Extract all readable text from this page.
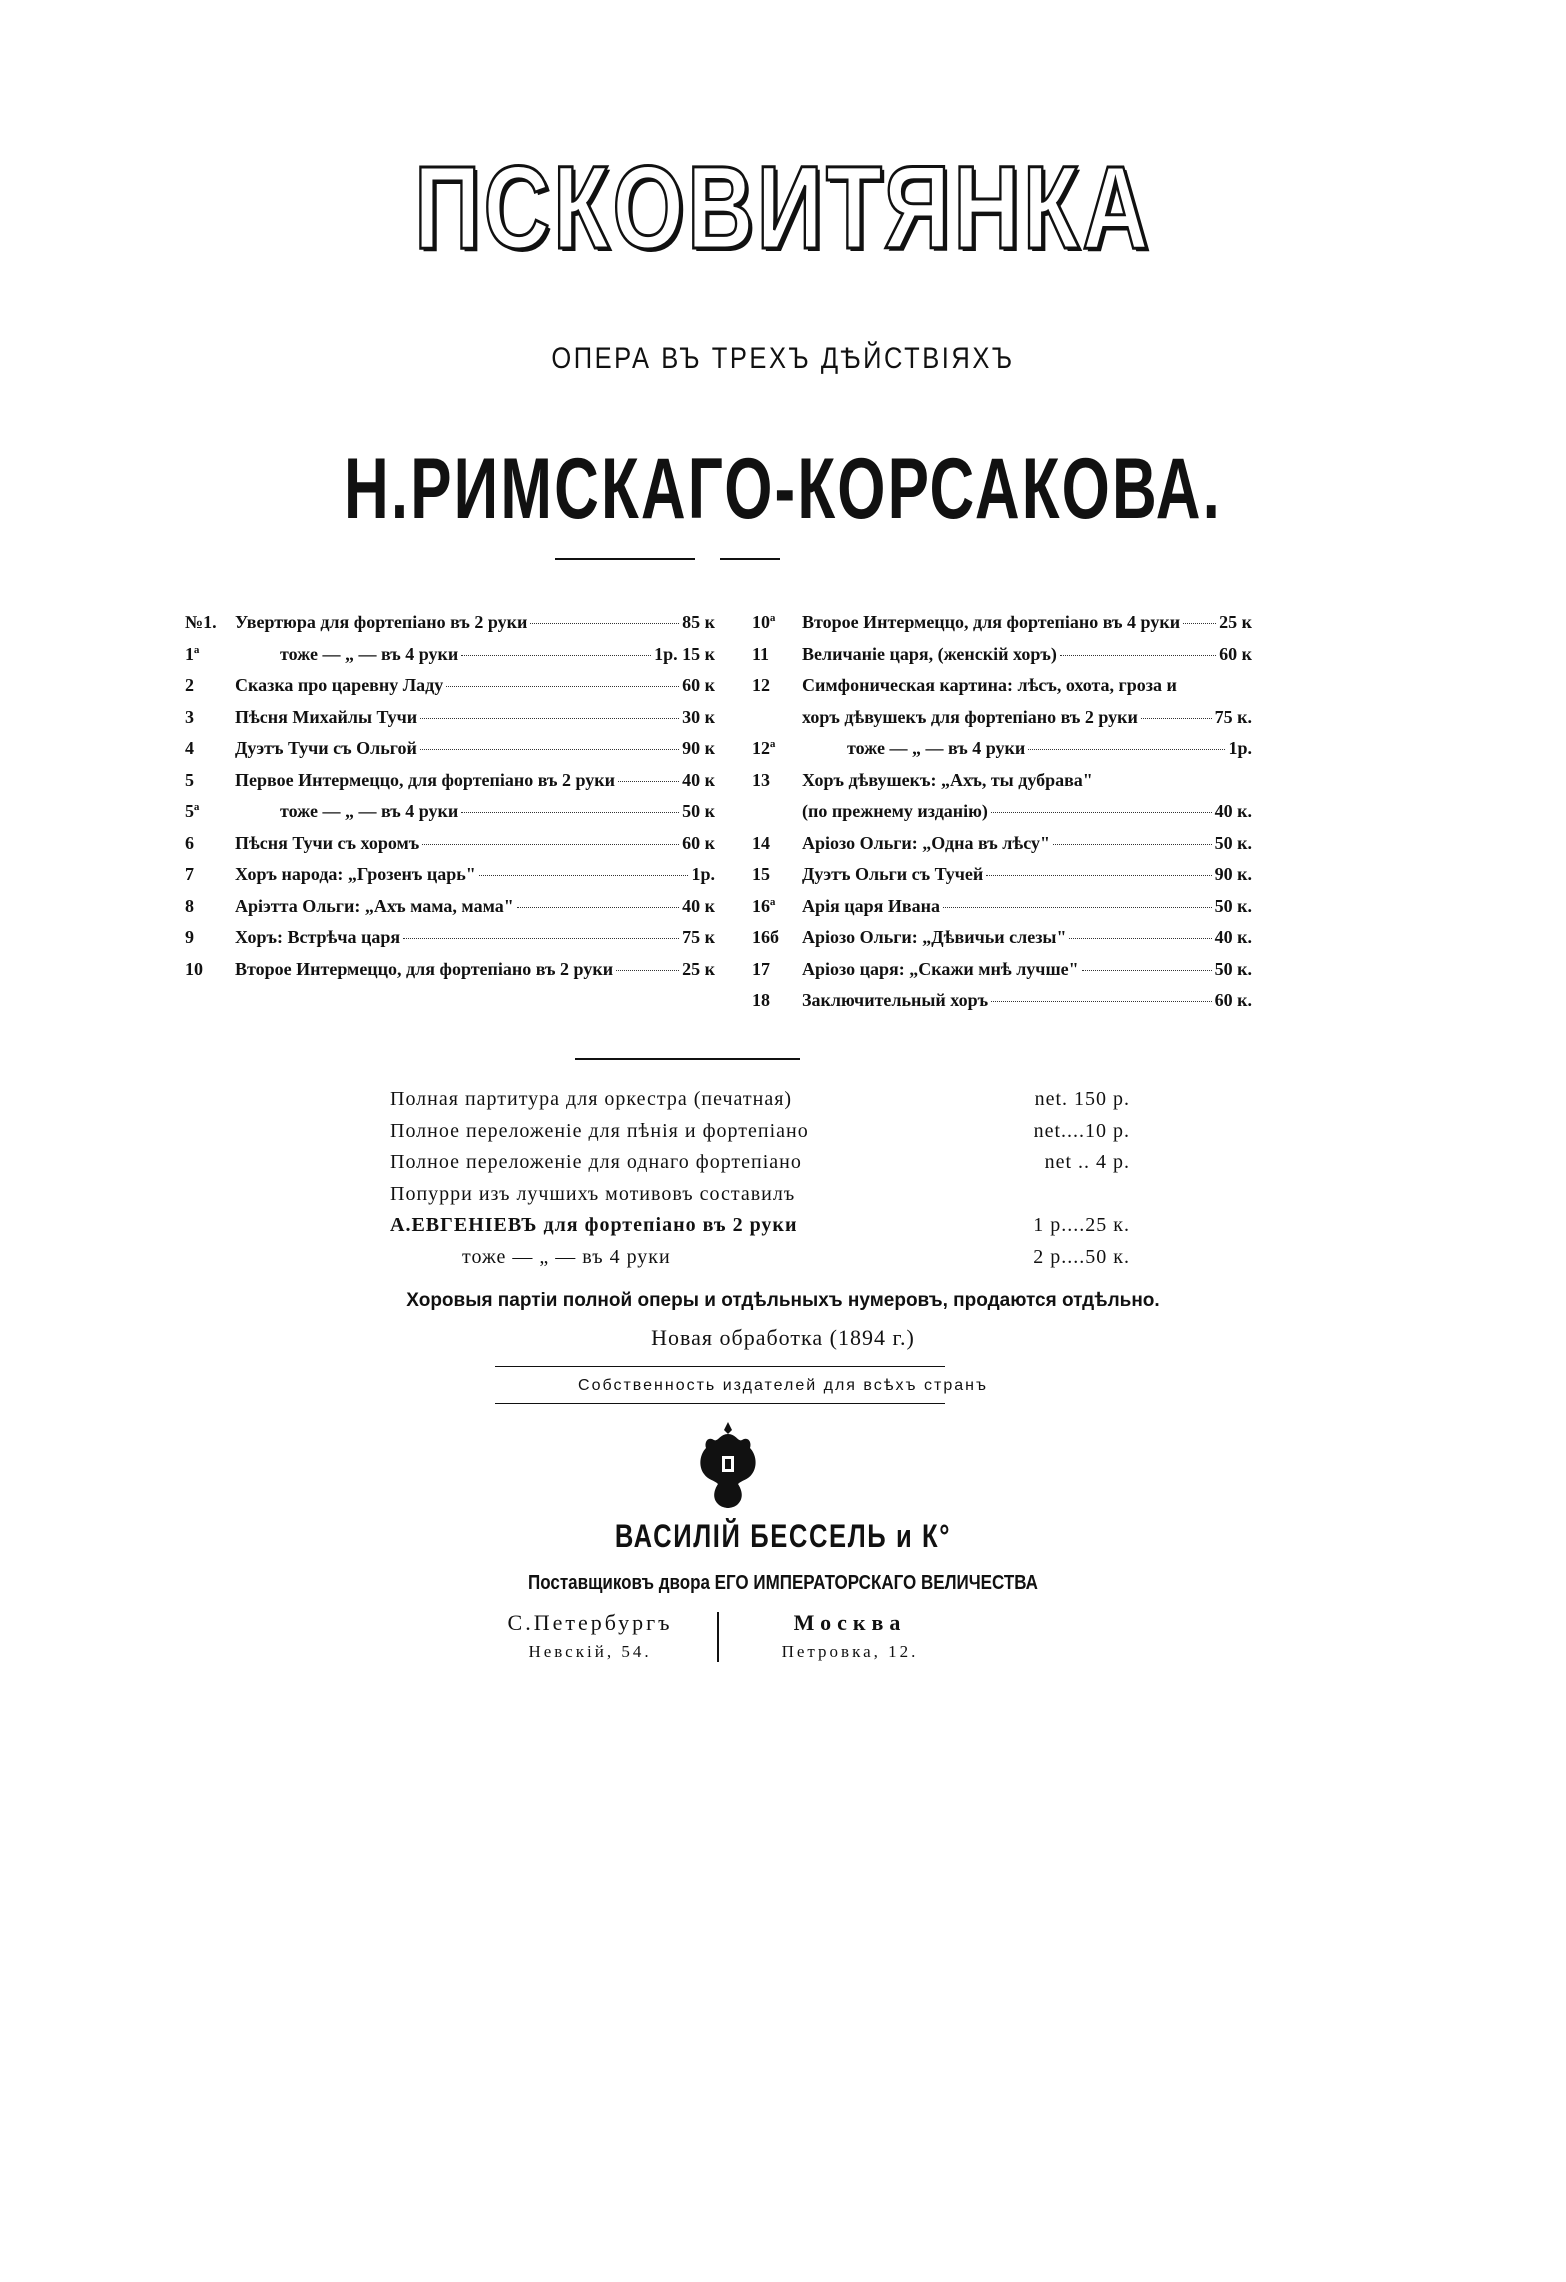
ПСКОВИТЯНКА
ОПЕРА ВЪ ТРЕХЪ ДѢЙСТВІЯХЪ
Н.РИМСКАГО-КОРСАКОВА.
№1.	Увертюра для фортепіано въ 2 руки	85 к
1ª	тоже — „ — въ 4 руки	1р. 15 к
2	Сказка про царевну Ладу	60 к
3	Пѣсня Михайлы Тучи	30 к
4	Дуэтъ Тучи съ Ольгой	90 к
5	Первое Интермеццо, для фортепіано въ 2 руки	40 к
5ª	тоже — „ — въ 4 руки	50 к
6	Пѣсня Тучи съ хоромъ	60 к
7	Хоръ народа: „Грозенъ царь"	1р.
8	Аріэтта Ольги: „Ахъ мама, мама"	40 к
9	Хоръ: Встрѣча царя	75 к
10	Второе Интермеццо, для фортепіано въ 2 руки	25 к
10ª	Второе Интермеццо, для фортепіано въ 4 руки 25 к
11	Величаніе царя, (женскій хоръ)	60 к
12	Симфоническая картина: лѣсъ, охота, гроза и
хоръ дѣвушекъ для фортепіано въ 2 руки	75 к.
12ª	тоже — „ — въ 4 руки	1р.
13	Хоръ дѣвушекъ: „Ахъ, ты дубрава"
(по прежнему изданію)	40 к.
14	Аріозо Ольги: „Одна въ лѣсу"	50 к.
15	Дуэтъ Ольги съ Тучей	90 к.
16ª	Арія царя Ивана	50 к.
16б	Аріозо Ольги: „Дѣвичьи слезы"	40 к.
17	Аріозо царя: „Скажи мнѣ лучше"	50 к.
18	Заключительный хоръ	60 к.
Полная партитура для оркестра (печатная)	net. 150 р.
Полное переложеніе для пѣнія и фортепіано	net....10 р.
Полное переложеніе для однаго фортепіано	net .. 4 р.
Попурри изъ лучшихъ мотивовъ составилъ
А.ЕВГЕНІЕВЪ для фортепіано въ 2 руки	1 р....25 к.
тоже — „ — въ 4 руки	2 р....50 к.
Хоровыя партіи полной оперы и отдѣльныхъ нумеровъ, продаются отдѣльно.
Новая обработка (1894 г.)
Собственность издателей для всѣхъ странъ
ВАСИЛІЙ БЕССЕЛЬ и К°
Поставщиковъ двора ЕГО ИМПЕРАТОРСКАГО ВЕЛИЧЕСТВА
С.Петербургъ
Невскій, 54.
Москва
Петровка, 12.
